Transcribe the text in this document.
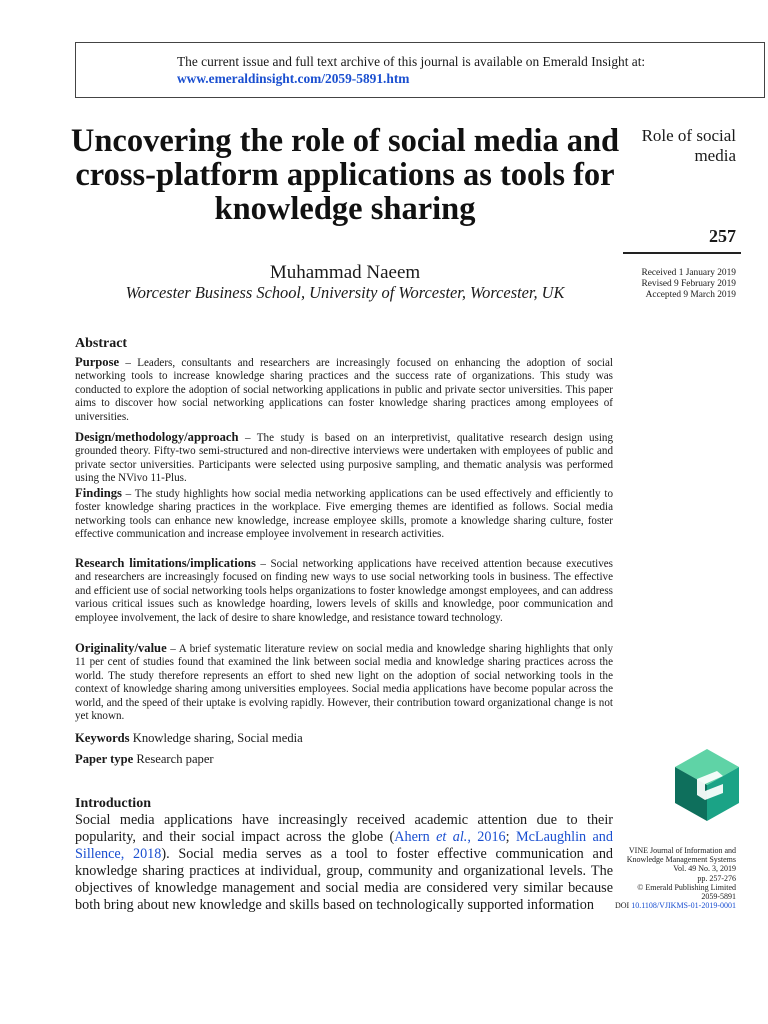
The current issue and full text archive of this journal is available on Emerald Insight at:
www.emeraldinsight.com/2059-5891.htm
Uncovering the role of social media and cross-platform applications as tools for knowledge sharing
Muhammad Naeem
Worcester Business School, University of Worcester, Worcester, UK
Role of social media
257
Received 1 January 2019
Revised 9 February 2019
Accepted 9 March 2019
Abstract

Purpose – Leaders, consultants and researchers are increasingly focused on enhancing the adoption of social networking tools to increase knowledge sharing practices and the success rate of organizations. This study was conducted to explore the adoption of social networking applications in public and private sector universities. This paper aims to discover how social networking applications can foster knowledge sharing practices among employees of universities.

Design/methodology/approach – The study is based on an interpretivist, qualitative research design using grounded theory. Fifty-two semi-structured and non-directive interviews were undertaken with employees of public and private sector universities. Participants were selected using purposive sampling, and thematic analysis was performed using the NVivo 11-Plus.

Findings – The study highlights how social media networking applications can be used effectively and efficiently to foster knowledge sharing practices in the workplace. Five emerging themes are identified as follows. Social media networking tools can enhance new knowledge, increase employee skills, promote a knowledge sharing culture, foster effective communication and increase employee involvement in research activities.

Research limitations/implications – Social networking applications have received attention because executives and researchers are increasingly focused on finding new ways to use social networking tools in business. The effective and efficient use of social networking tools helps organizations to foster knowledge amongst employees, and can address various critical issues such as knowledge hoarding, lowers levels of skills and knowledge, poor communication and employee involvement, the lack of desire to share knowledge, and resistance toward technology.

Originality/value – A brief systematic literature review on social media and knowledge sharing highlights that only 11 per cent of studies found that examined the link between social media and knowledge sharing practices across the world. The study therefore represents an effort to shed new light on the adoption of social networking tools in the context of knowledge sharing among universities employees. Social media applications have become popular across the world, and the speed of their uptake is evolving rapidly. However, their contribution toward organizational change is not yet known.

Keywords Knowledge sharing, Social media
Paper type Research paper
Introduction

Social media applications have increasingly received academic attention due to their popularity, and their social impact across the globe (Ahern et al., 2016; McLaughlin and Sillence, 2018). Social media serves as a tool to foster effective communication and knowledge sharing practices at individual, group, community and organizational levels. The objectives of knowledge management and social media are considered very similar because both bring about new knowledge and skills based on technologically supported information

VINE Journal of Information and Knowledge Management Systems
Vol. 49 No. 3, 2019
pp. 257-276
© Emerald Publishing Limited
2059-5891
DOI 10.1108/VJIKMS-01-2019-0001
